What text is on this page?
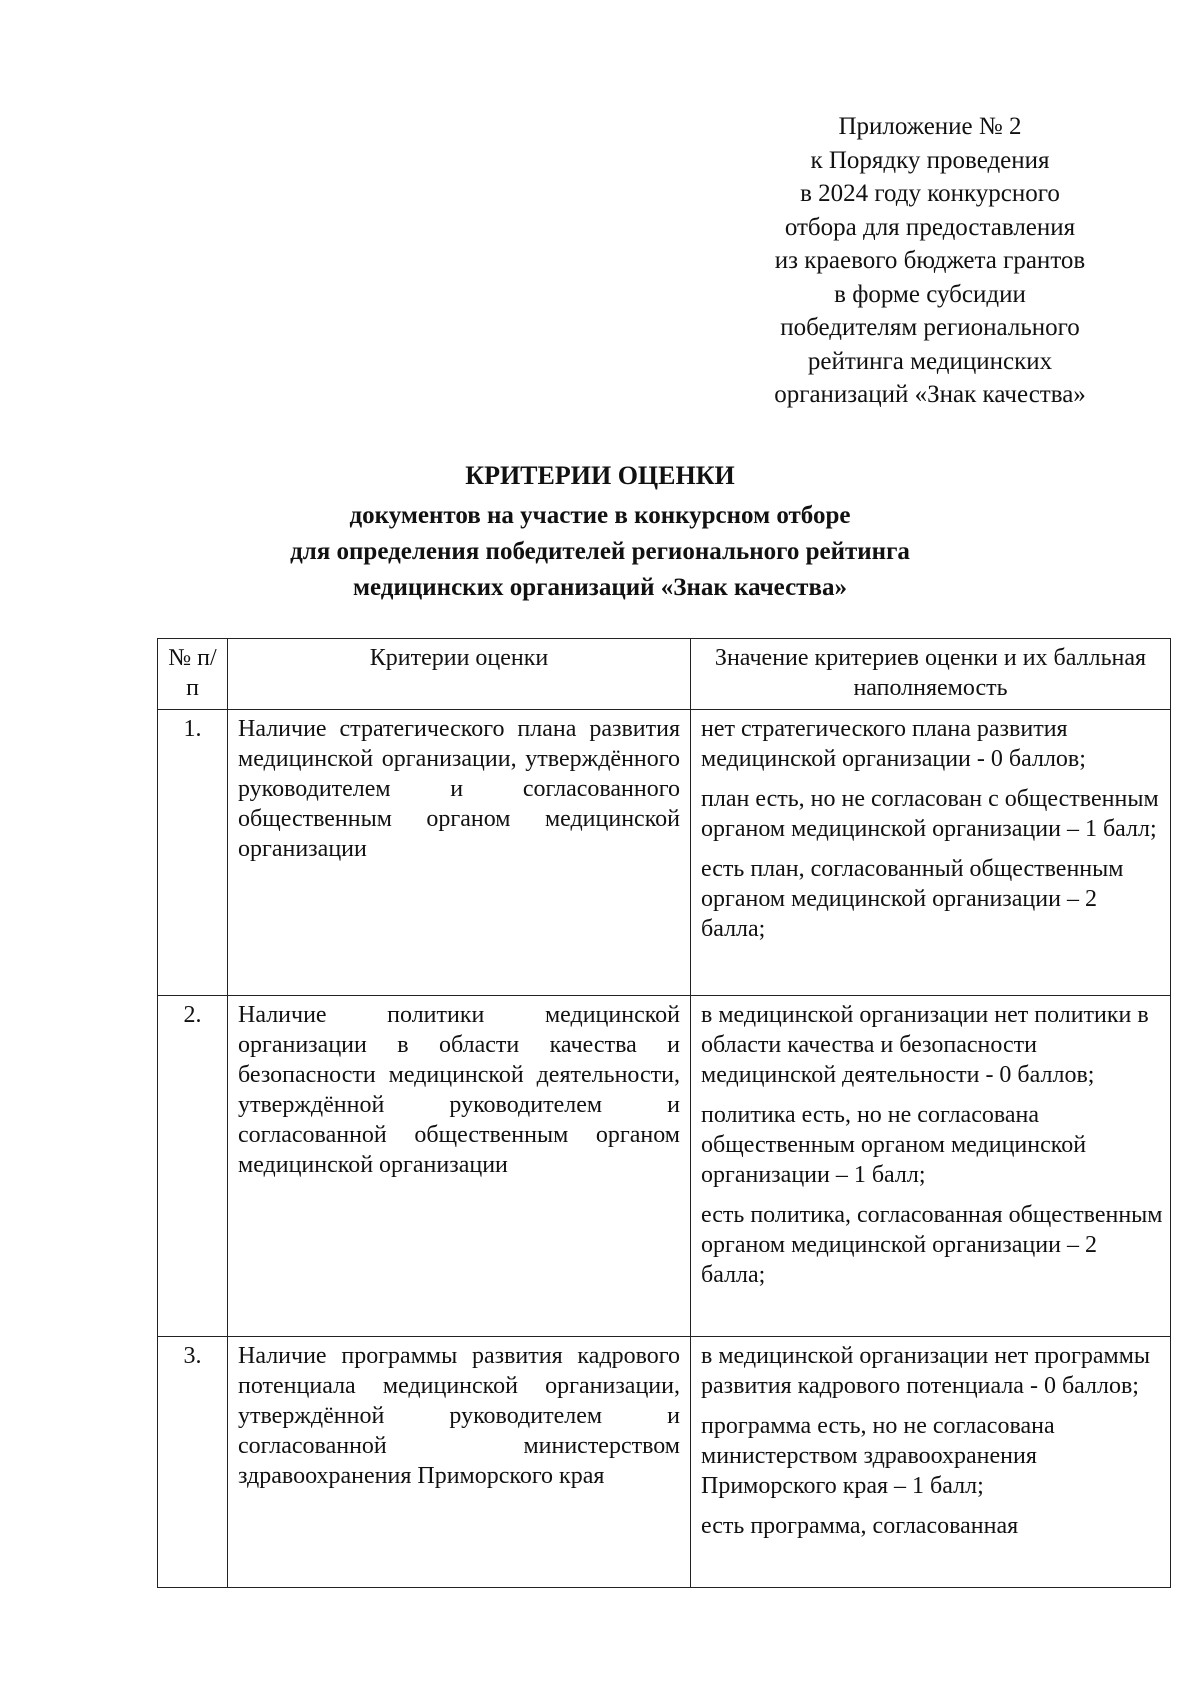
Приложение № 2
к Порядку проведения
в 2024 году конкурсного
отбора для предоставления
из краевого бюджета грантов
в форме субсидии
победителям регионального
рейтинга медицинских
организаций «Знак качества»
КРИТЕРИИ ОЦЕНКИ
документов на участие в конкурсном отборе
для определения победителей регионального рейтинга
медицинских организаций «Знак качества»
№ п/п	Критерии оценки	Значение критериев оценки и их балльная наполняемость
1.	Наличие стратегического плана развития медицинской организации, утверждённого руководителем и согласованного общественным органом медицинской организации	нет стратегического плана развития медицинской организации - 0 баллов;
план есть, но не согласован с общественным органом медицинской организации – 1 балл;
есть план, согласованный общественным органом медицинской организации – 2 балла;

2.	Наличие политики медицинской организации в области качества и безопасности медицинской деятельности, утверждённой руководителем и согласованной общественным органом медицинской организации	в медицинской организации нет политики в области качества и безопасности медицинской деятельности - 0 баллов;
политика есть, но не согласована общественным органом медицинской организации – 1 балл;
есть политика, согласованная общественным органом медицинской организации – 2 балла;

3.	Наличие программы развития кадрового потенциала медицинской организации, утверждённой руководителем и согласованной министерством здравоохранения Приморского края	в медицинской организации нет программы развития кадрового потенциала - 0 баллов;
программа есть, но не согласована министерством здравоохранения Приморского края – 1 балл;
есть программа, согласованная
